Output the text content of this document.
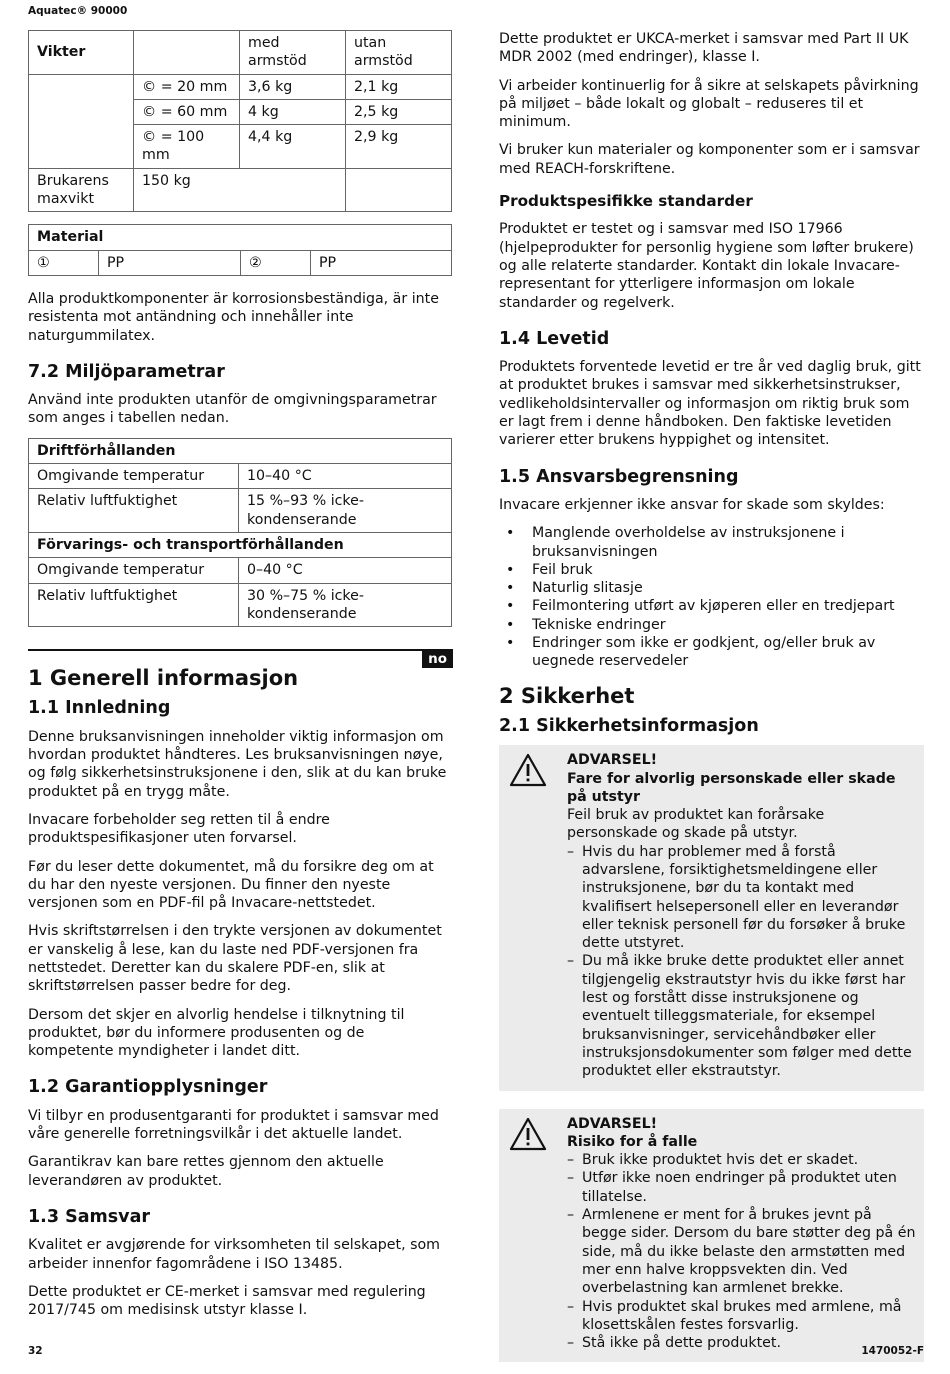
Aquatec® 90000
Vikter		med armstöd	utan armstöd
	© = 20 mm	3,6 kg	2,1 kg
	© = 60 mm	4 kg	2,5 kg
	© = 100 mm	4,4 kg	2,9 kg
Brukarens maxvikt	150 kg		
Material
①	PP	②	PP

Alla produktkomponenter är korrosionsbeständiga, är inte resistenta mot antändning och innehåller inte naturgummilatex.

7.2 Miljöparametrar

Använd inte produkten utanför de omgivningsparametrar som anges i tabellen nedan.

Driftförhållanden	
Omgivande temperatur	10–40 °C
Relativ luftfuktighet	15 %–93 % icke-kondenserande
Förvarings- och transportförhållanden	
Omgivande temperatur	0–40 °C
Relativ luftfuktighet	30 %–75 % icke-kondenserande
no
1 Generell informasjon
1.1 Innledning

Denne bruksanvisningen inneholder viktig informasjon om hvordan produktet håndteres. Les bruksanvisningen nøye, og følg sikkerhetsinstruksjonene i den, slik at du kan bruke produktet på en trygg måte.

Invacare forbeholder seg retten til å endre produktspesifikasjoner uten forvarsel.

Før du leser dette dokumentet, må du forsikre deg om at du har den nyeste versjonen. Du finner den nyeste versjonen som en PDF-fil på Invacare-nettstedet.

Hvis skriftstørrelsen i den trykte versjonen av dokumentet er vanskelig å lese, kan du laste ned PDF-versjonen fra nettstedet. Deretter kan du skalere PDF-en, slik at skriftstørrelsen passer bedre for deg.

Dersom det skjer en alvorlig hendelse i tilknytning til produktet, bør du informere produsenten og de kompetente myndigheter i landet ditt.

1.2 Garantiopplysninger

Vi tilbyr en produsentgaranti for produktet i samsvar med våre generelle forretningsvilkår i det aktuelle landet.

Garantikrav kan bare rettes gjennom den aktuelle leverandøren av produktet.

1.3 Samsvar

Kvalitet er avgjørende for virksomheten til selskapet, som arbeider innenfor fagområdene i ISO 13485.

Dette produktet er CE-merket i samsvar med regulering 2017/745 om medisinsk utstyr klasse I.

Dette produktet er UKCA-merket i samsvar med Part II UK MDR 2002 (med endringer), klasse I.

Vi arbeider kontinuerlig for å sikre at selskapets påvirkning på miljøet – både lokalt og globalt – reduseres til et minimum.

Vi bruker kun materialer og komponenter som er i samsvar med REACH-forskriftene.

Produktspesifikke standarder

Produktet er testet og i samsvar med ISO 17966 (hjelpeprodukter for personlig hygiene som løfter brukere) og alle relaterte standarder. Kontakt din lokale Invacare-representant for ytterligere informasjon om lokale standarder og regelverk.

1.4 Levetid

Produktets forventede levetid er tre år ved daglig bruk, gitt at produktet brukes i samsvar med sikkerhetsinstrukser, vedlikeholdsintervaller og informasjon om riktig bruk som er lagt frem i denne håndboken. Den faktiske levetiden varierer etter brukens hyppighet og intensitet.

1.5 Ansvarsbegrensning

Invacare erkjenner ikke ansvar for skade som skyldes:

• Manglende overholdelse av instruksjonene i bruksanvisningen
• Feil bruk
• Naturlig slitasje
• Feilmontering utført av kjøperen eller en tredjepart
• Tekniske endringer
• Endringer som ikke er godkjent, og/eller bruk av uegnede reservedeler
2 Sikkerhet
2.1 Sikkerhetsinformasjon
ADVARSEL!
Fare for alvorlig personskade eller skade på utstyr
Feil bruk av produktet kan forårsake personskade og skade på utstyr.
– Hvis du har problemer med å forstå advarslene, forsiktighetsmeldingene eller instruksjonene, bør du ta kontakt med kvalifisert helsepersonell eller en leverandør eller teknisk personell før du forsøker å bruke dette utstyret.
– Du må ikke bruke dette produktet eller annet tilgjengelig ekstrautstyr hvis du ikke først har lest og forstått disse instruksjonene og eventuelt tilleggsmateriale, for eksempel bruksanvisninger, servicehåndbøker eller instruksjonsdokumenter som følger med dette produktet eller ekstrautstyr.
ADVARSEL!
Risiko for å falle
– Bruk ikke produktet hvis det er skadet.
– Utfør ikke noen endringer på produktet uten tillatelse.
– Armlenene er ment for å brukes jevnt på begge sider. Dersom du bare støtter deg på én side, må du ikke belaste den armstøtten med mer enn halve kroppsvekten din. Ved overbelastning kan armlenet brekke.
– Hvis produktet skal brukes med armlene, må klosettskålen festes forsvarlig.
– Stå ikke på dette produktet.
32	1470052-F
